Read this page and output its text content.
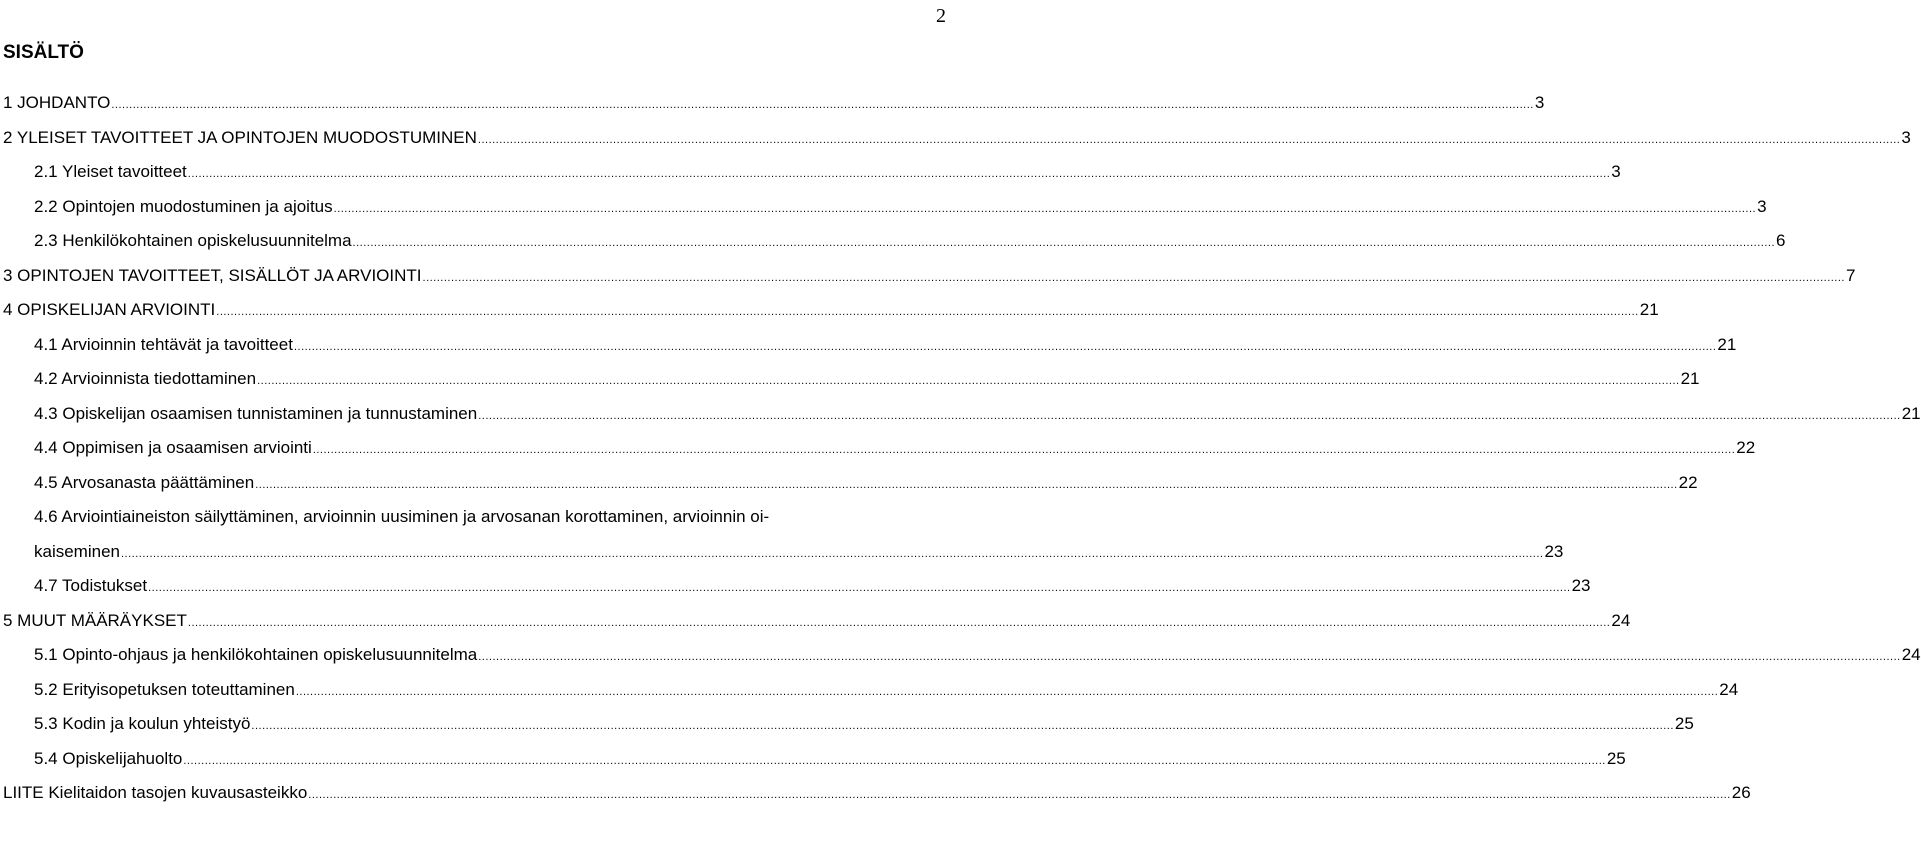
2
SISÄLTÖ
1 JOHDANTO ................................................................................................................................................................................................................................................................................................................................................................................................................ 3
2 YLEISET TAVOITTEET JA OPINTOJEN MUODOSTUMINEN ................................................................................................................................................................................................................................................................................................................................................................................................................ 3
2.1 Yleiset tavoitteet ................................................................................................................................................................................................................................................................................................................................................................................................................ 3
2.2 Opintojen muodostuminen ja ajoitus ................................................................................................................................................................................................................................................................................................................................................................................................................ 3
2.3 Henkilökohtainen opiskelusuunnitelma ................................................................................................................................................................................................................................................................................................................................................................................................................ 6
3 OPINTOJEN TAVOITTEET, SISÄLLÖT JA ARVIOINTI ................................................................................................................................................................................................................................................................................................................................................................................................................ 7
4 OPISKELIJAN ARVIOINTI ................................................................................................................................................................................................................................................................................................................................................................................................................ 21
4.1 Arvioinnin tehtävät ja tavoitteet ................................................................................................................................................................................................................................................................................................................................................................................................................ 21
4.2 Arvioinnista tiedottaminen ................................................................................................................................................................................................................................................................................................................................................................................................................ 21
4.3 Opiskelijan osaamisen tunnistaminen ja tunnustaminen ................................................................................................................................................................................................................................................................................................................................................................................................................ 21
4.4 Oppimisen ja osaamisen arviointi ................................................................................................................................................................................................................................................................................................................................................................................................................ 22
4.5 Arvosanasta päättäminen ................................................................................................................................................................................................................................................................................................................................................................................................................ 22
4.6 Arviointiaineiston säilyttäminen, arvioinnin uusiminen ja arvosanan korottaminen, arvioinnin oi-
kaiseminen ................................................................................................................................................................................................................................................................................................................................................................................................................ 23
4.7 Todistukset ................................................................................................................................................................................................................................................................................................................................................................................................................ 23
5 MUUT MÄÄRÄYKSET ................................................................................................................................................................................................................................................................................................................................................................................................................ 24
5.1 Opinto-ohjaus ja henkilökohtainen opiskelusuunnitelma ................................................................................................................................................................................................................................................................................................................................................................................................................ 24
5.2 Erityisopetuksen toteuttaminen ................................................................................................................................................................................................................................................................................................................................................................................................................ 24
5.3 Kodin ja koulun yhteistyö ................................................................................................................................................................................................................................................................................................................................................................................................................ 25
5.4 Opiskelijahuolto ................................................................................................................................................................................................................................................................................................................................................................................................................ 25
LIITE Kielitaidon tasojen kuvausasteikko ................................................................................................................................................................................................................................................................................................................................................................................................................ 26
